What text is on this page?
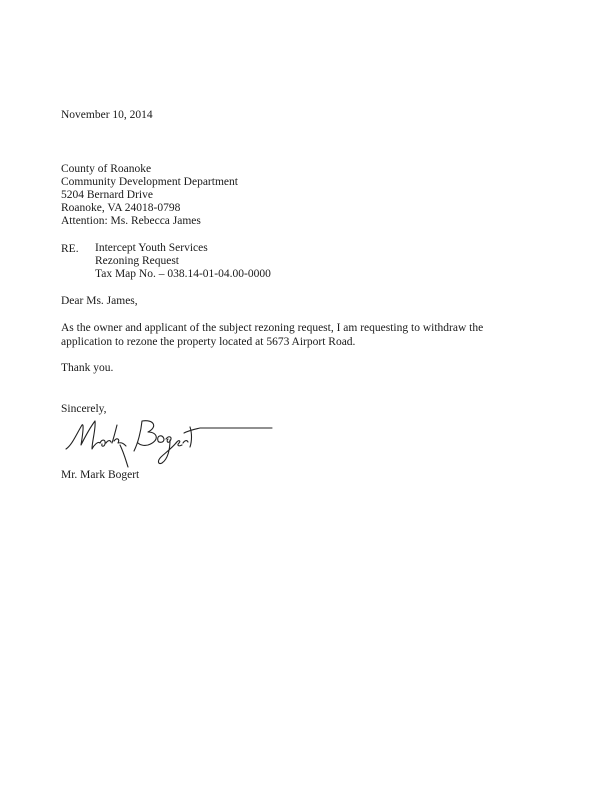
November 10, 2014
County of Roanoke
Community Development Department
5204 Bernard Drive
Roanoke, VA 24018-0798
Attention: Ms. Rebecca James
RE. Intercept Youth Services
Rezoning Request
Tax Map No. – 038.14-01-04.00-0000
Dear Ms. James,
As the owner and applicant of the subject rezoning request, I am requesting to withdraw the
application to rezone the property located at 5673 Airport Road.
Thank you.
Sincerely,
Mr. Mark Bogert
